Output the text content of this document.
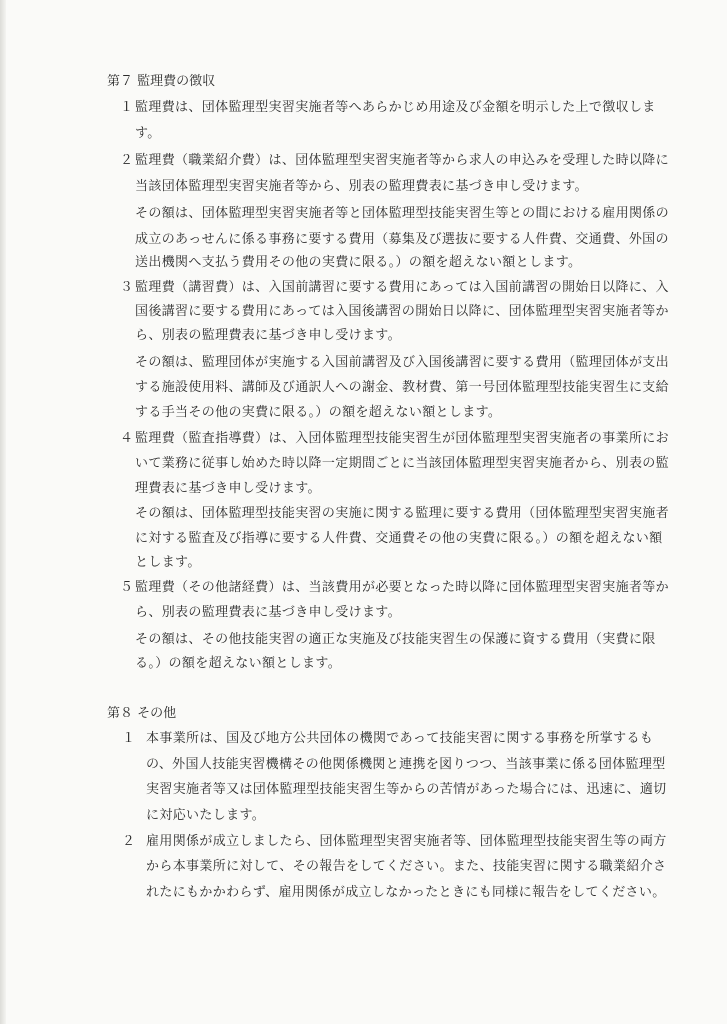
第７ 監理費の徴収
１ 監理費は、団体監理型実習実施者等へあらかじめ用途及び金額を明示した上で徴収しま
す。
２ 監理費（職業紹介費）は、団体監理型実習実施者等から求人の申込みを受理した時以降に
当該団体監理型実習実施者等から、別表の監理費表に基づき申し受けます。
その額は、団体監理型実習実施者等と団体監理型技能実習生等との間における雇用関係の
成立のあっせんに係る事務に要する費用（募集及び選抜に要する人件費、交通費、外国の
送出機関へ支払う費用その他の実費に限る。）の額を超えない額とします。
３ 監理費（講習費）は、入国前講習に要する費用にあっては入国前講習の開始日以降に、入
国後講習に要する費用にあっては入国後講習の開始日以降に、団体監理型実習実施者等か
ら、別表の監理費表に基づき申し受けます。
その額は、監理団体が実施する入国前講習及び入国後講習に要する費用（監理団体が支出
する施設使用料、講師及び通訳人への謝金、教材費、第一号団体監理型技能実習生に支給
する手当その他の実費に限る。）の額を超えない額とします。
４ 監理費（監査指導費）は、入団体監理型技能実習生が団体監理型実習実施者の事業所にお
いて業務に従事し始めた時以降一定期間ごとに当該団体監理型実習実施者から、別表の監
理費表に基づき申し受けます。
その額は、団体監理型技能実習の実施に関する監理に要する費用（団体監理型実習実施者
に対する監査及び指導に要する人件費、交通費その他の実費に限る。）の額を超えない額
とします。
５ 監理費（その他諸経費）は、当該費用が必要となった時以降に団体監理型実習実施者等か
ら、別表の監理費表に基づき申し受けます。
その額は、その他技能実習の適正な実施及び技能実習生の保護に資する費用（実費に限
る。）の額を超えない額とします。
第８ その他
１ 本事業所は、国及び地方公共団体の機関であって技能実習に関する事務を所掌するも
の、外国人技能実習機構その他関係機関と連携を図りつつ、当該事業に係る団体監理型
実習実施者等又は団体監理型技能実習生等からの苦情があった場合には、迅速に、適切
に対応いたします。
２ 雇用関係が成立しましたら、団体監理型実習実施者等、団体監理型技能実習生等の両方
から本事業所に対して、その報告をしてください。また、技能実習に関する職業紹介さ
れたにもかかわらず、雇用関係が成立しなかったときにも同様に報告をしてください。
